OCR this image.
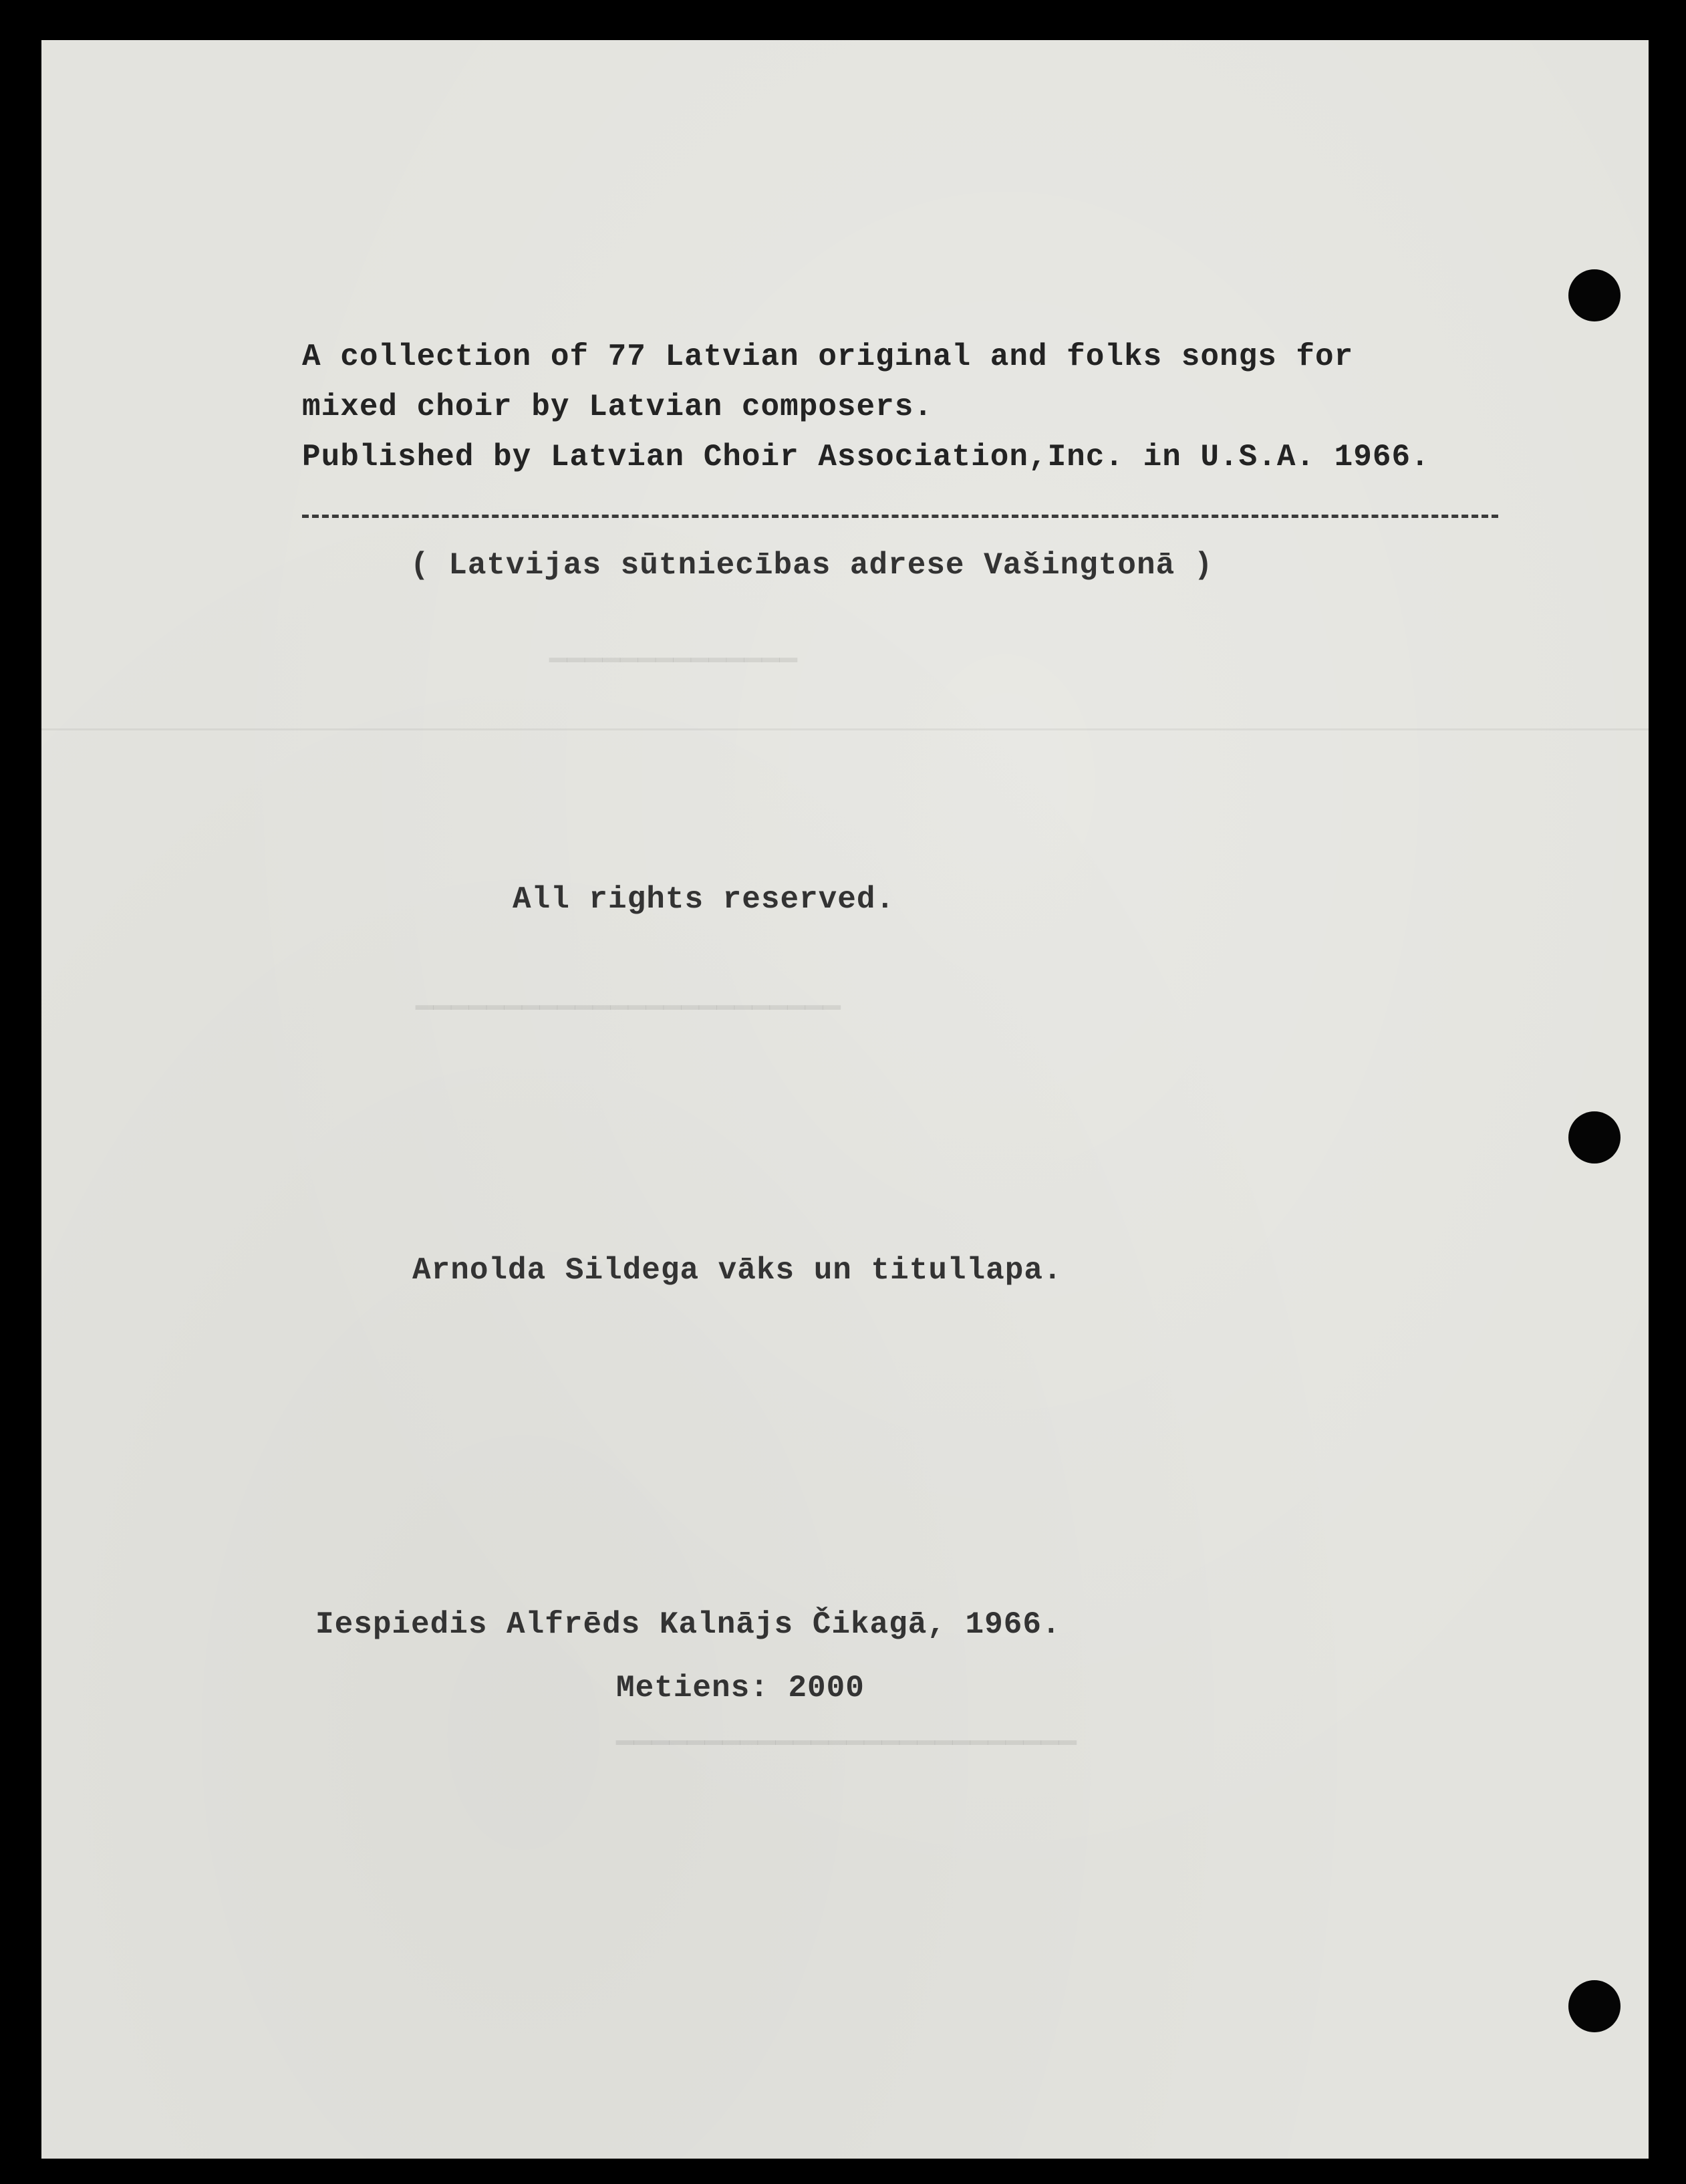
▁▁▁▁▁▁▁▁▁▁▁▁▁▁
▁▁▁▁▁▁▁▁▁▁▁▁▁▁▁▁▁▁▁▁▁▁▁▁
▁▁▁▁▁▁▁▁▁▁▁▁▁▁▁▁▁▁▁▁▁▁▁▁▁▁

A collection of 77 Latvian original and folks songs for

mixed choir by Latvian composers.

Published by Latvian Choir Association,Inc. in U.S.A. 1966.

( Latvijas sūtniecības adrese Vašingtonā )

All rights reserved.

Arnolda Sildega vāks un titullapa.

Iespiedis Alfrēds Kalnājs Čikagā, 1966.

Metiens: 2000
